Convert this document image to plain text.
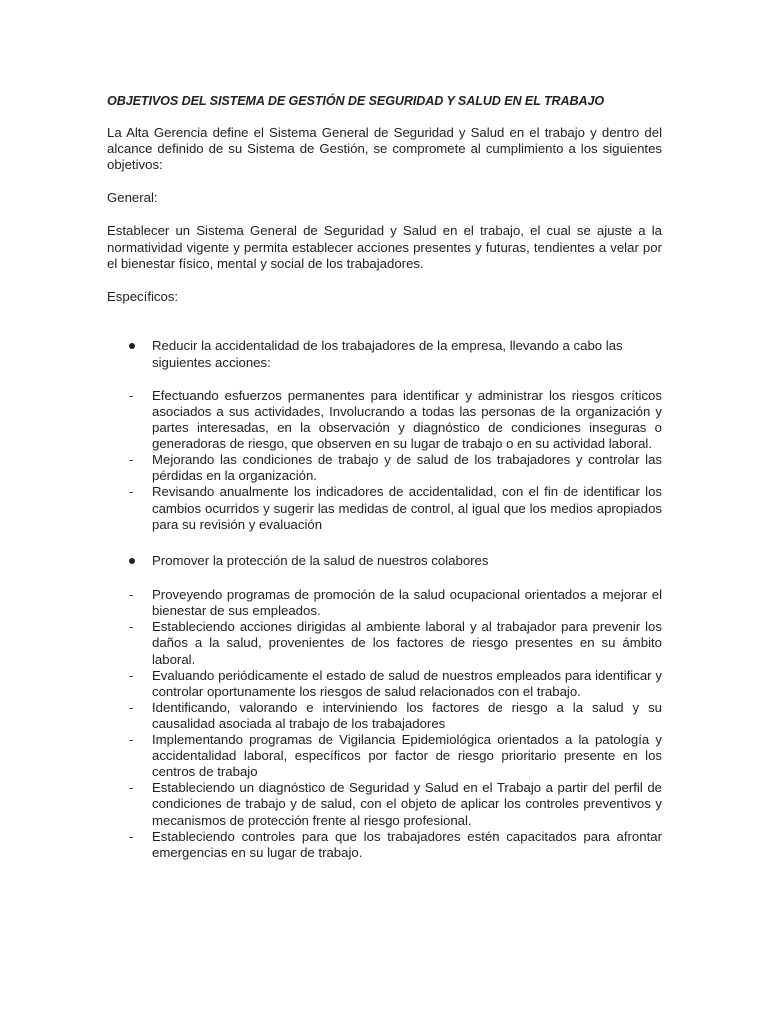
OBJETIVOS DEL SISTEMA DE GESTIÓN DE SEGURIDAD Y SALUD EN EL TRABAJO

La Alta Gerencia define el Sistema General de Seguridad y Salud en el trabajo y dentro del alcance definido de su Sistema de Gestión, se compromete al cumplimiento a los siguientes objetivos:

General:

Establecer un Sistema General de Seguridad y Salud en el trabajo, el cual se ajuste a la normatividad vigente y permita establecer acciones presentes y futuras, tendientes a velar por el bienestar físico, mental y social de los trabajadores.

Específicos:

Reducir la accidentalidad de los trabajadores de la empresa, llevando a cabo las siguientes acciones:

- Efectuando esfuerzos permanentes para identificar y administrar los riesgos críticos asociados a sus actividades, Involucrando a todas las personas de la organización y partes interesadas, en la observación y diagnóstico de condiciones inseguras o generadoras de riesgo, que observen en su lugar de trabajo o en su actividad laboral.

- Mejorando las condiciones de trabajo y de salud de los trabajadores y controlar las pérdidas en la organización.

- Revisando anualmente los indicadores de accidentalidad, con el fin de identificar los cambios ocurridos y sugerir las medidas de control, al igual que los medios apropiados para su revisión y evaluación

Promover la protección de la salud de nuestros colabores

- Proveyendo programas de promoción de la salud ocupacional orientados a mejorar el bienestar de sus empleados.

- Estableciendo acciones dirigidas al ambiente laboral y al trabajador para prevenir los daños a la salud, provenientes de los factores de riesgo presentes en su ámbito laboral.

- Evaluando periódicamente el estado de salud de nuestros empleados para identificar y controlar oportunamente los riesgos de salud relacionados con el trabajo.

- Identificando, valorando e interviniendo los factores de riesgo a la salud y su causalidad asociada al trabajo de los trabajadores

- Implementando programas de Vigilancia Epidemiológica orientados a la patología y accidentalidad laboral, específicos por factor de riesgo prioritario presente en los centros de trabajo

- Estableciendo un diagnóstico de Seguridad y Salud en el Trabajo a partir del perfil de condiciones de trabajo y de salud, con el objeto de aplicar los controles preventivos y mecanismos de protección frente al riesgo profesional.

- Estableciendo controles para que los trabajadores estén capacitados para afrontar emergencias en su lugar de trabajo.
